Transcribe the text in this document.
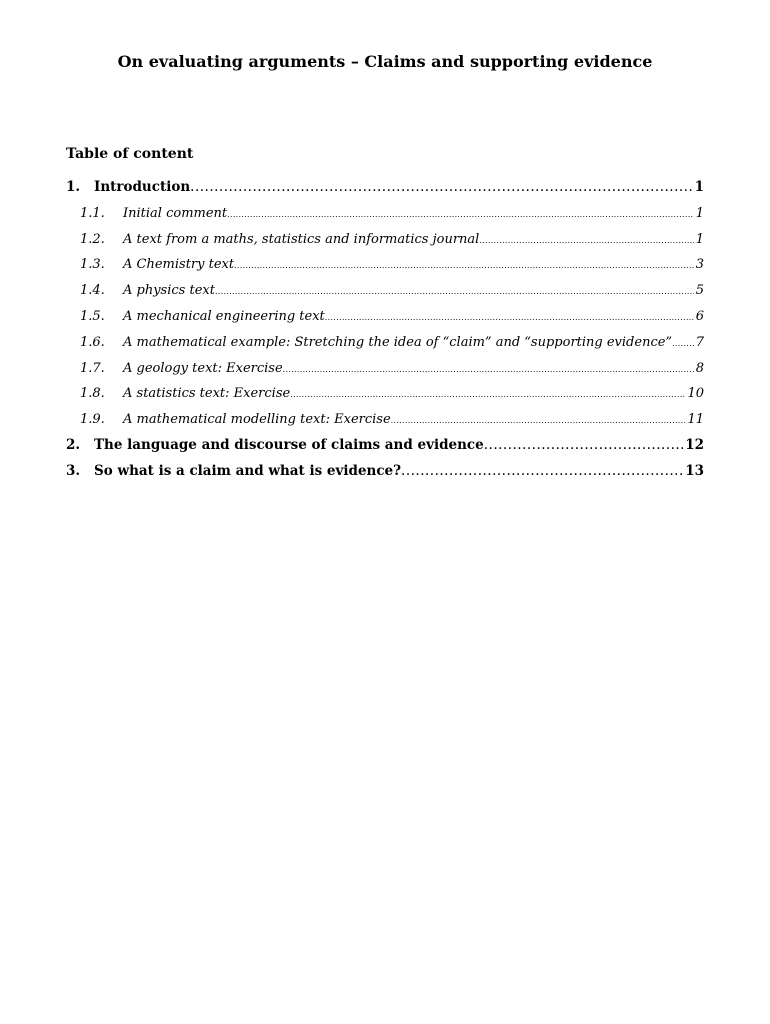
On evaluating arguments – Claims and supporting evidence
Table of content
1.	Introduction .....	1
1.1.	Initial comment .....	1
1.2.	A text from a maths, statistics and informatics journal .....	1
1.3.	A Chemistry text .....	3
1.4.	A physics text .....	5
1.5.	A mechanical engineering text .....	6
1.6.	A mathematical example: Stretching the idea of “claim” and “supporting evidence” ..... 7
1.7.	A geology text: Exercise .....	8
1.8.	A statistics text: Exercise .....	10
1.9.	A mathematical modelling text: Exercise .....	11
2.	The language and discourse of claims and evidence .....	12
3.	So what is a claim and what is evidence? .....	13
